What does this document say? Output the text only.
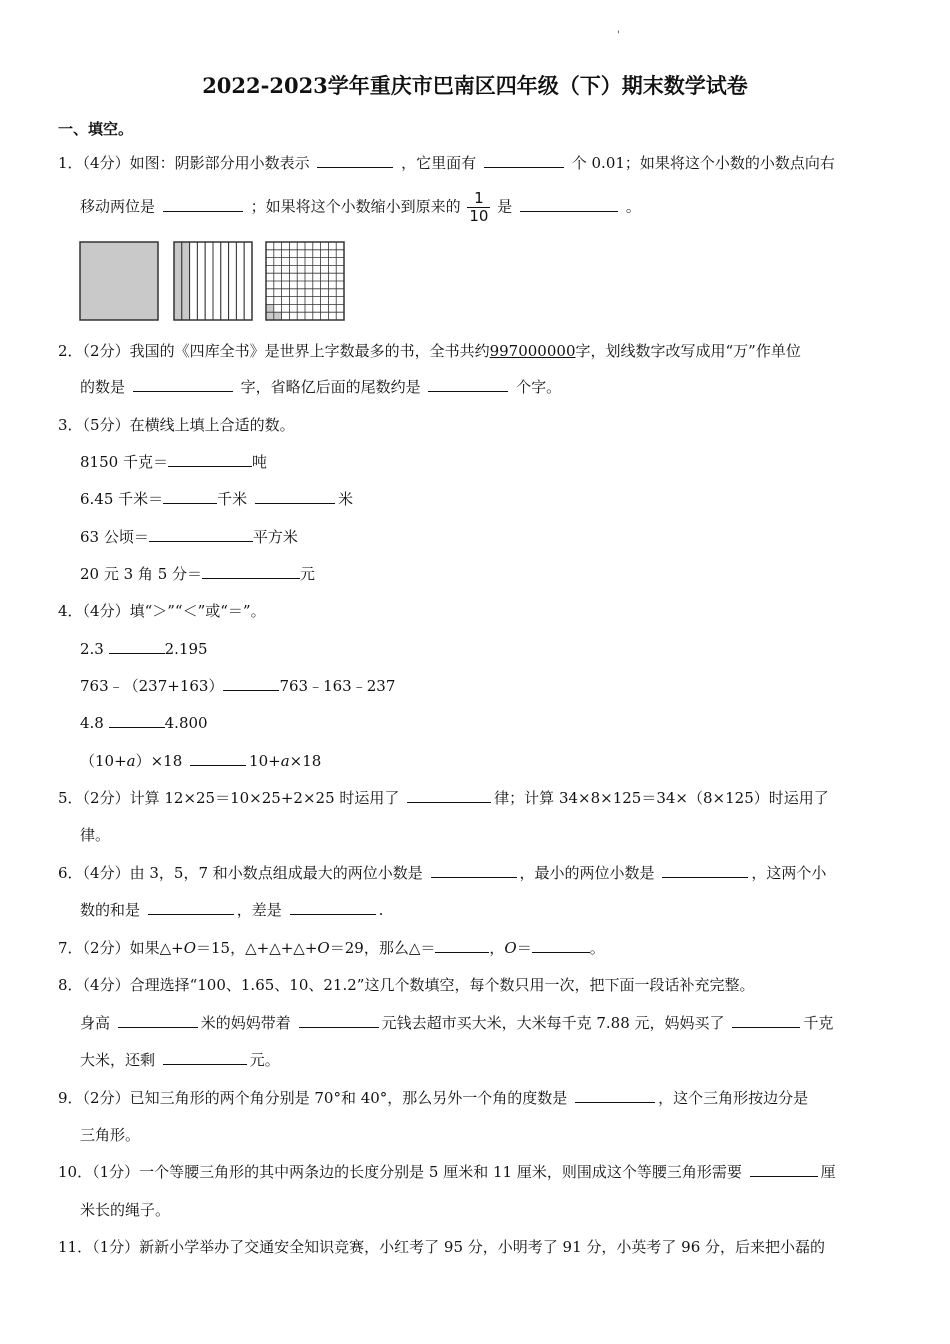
'
2022-2023学年重庆市巴南区四年级（下）期末数学试卷
一、填空。
1．（4分）如图：阴影部分用小数表示	，它里面有	个 0.01；如果将这个小数的小数点向右
移动两位是	；如果将这个小数缩小到原来的 $\frac{1}{10}$ 是	。
2．（2分）我国的《四库全书》是世界上字数最多的书，全书共约997000000字，划线数字改写成用“万”作单位
的数是	字，省略亿后面的尾数约是	个字。
3．（5分）在横线上填上合适的数。
8150 千克＝	吨
6.45 千米＝	千米	米
63 公顷＝	平方米
20 元 3 角 5 分＝	元
4．（4分）填“＞”“＜”或“＝”。
2.3	2.195
763﹣（237+163）	763﹣163﹣237
4.8	4.800
（10+a）×18	10+a×18
5．（2分）计算 12×25＝10×25+2×25 时运用了	律；计算 34×8×125＝34×（8×125）时运用了
律。
6．（4分）由 3，5，7 和小数点组成最大的两位小数是	，最小的两位小数是	，这两个小
数的和是	，差是	.
7．（2分）如果△+O＝15，△+△+△+O＝29，那么△＝	，O＝	。
8．（4分）合理选择“100、1.65、10、21.2”这几个数填空，每个数只用一次，把下面一段话补充完整。
身高	米的妈妈带着	元钱去超市买大米，大米每千克 7.88 元，妈妈买了	千克
大米，还剩	元。
9．（2分）已知三角形的两个角分别是 70°和 40°，那么另外一个角的度数是	，这个三角形按边分是
三角形。
10．（1分）一个等腰三角形的其中两条边的长度分别是 5 厘米和 11 厘米，则围成这个等腰三角形需要	厘
米长的绳子。
11．（1分）新新小学举办了交通安全知识竞赛，小红考了 95 分，小明考了 91 分，小英考了 96 分，后来把小磊的
